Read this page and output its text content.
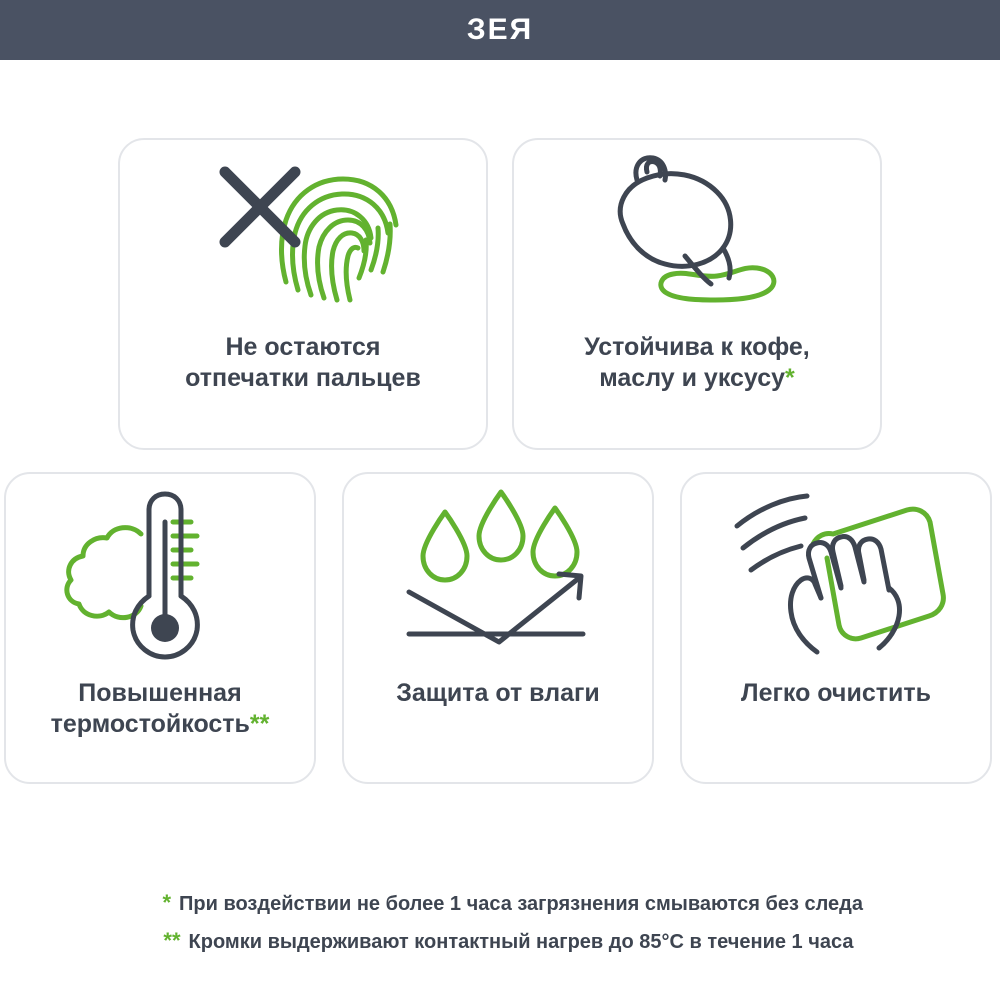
ЗЕЯ
Не остаются
отпечатки пальцев
Устойчива к кофе,
маслу и уксусу*
Повышенная
термостойкость**
Защита от влаги	Легко очистить
* При воздействии не более 1 часа загрязнения смываются без следа
** Кромки выдерживают контактный нагрев до 85°C в течение 1 часа
